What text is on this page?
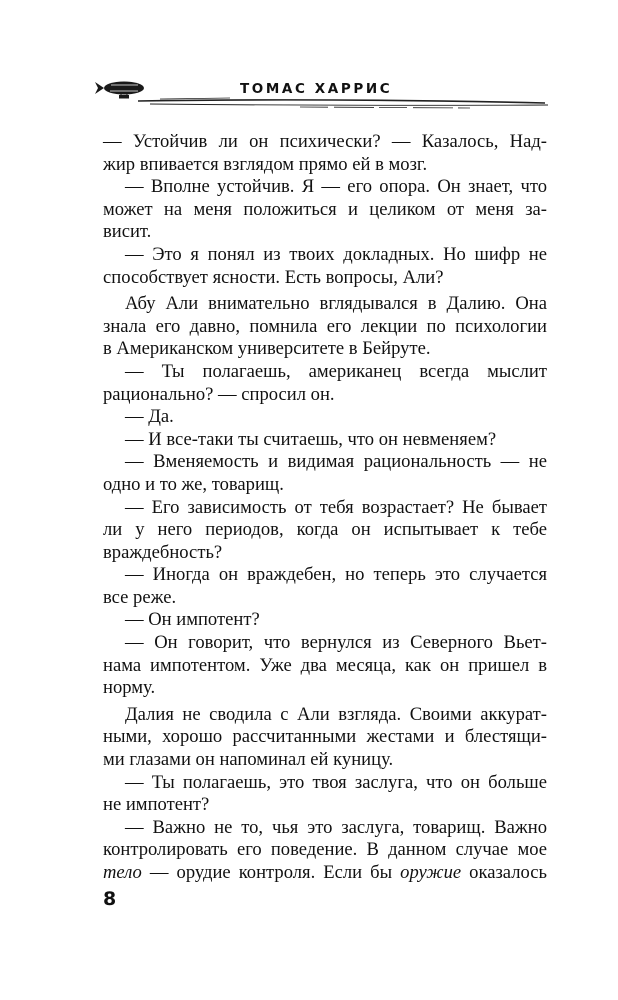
ТОМАС ХАРРИС
— Устойчив ли он психически? — Казалось, Над-
жир впивается взглядом прямо ей в мозг.
— Вполне устойчив. Я — его опора. Он знает, что
может на меня положиться и целиком от меня за-
висит.
— Это я понял из твоих докладных. Но шифр не
способствует ясности. Есть вопросы, Али?
Абу Али внимательно вглядывался в Далию. Она
знала его давно, помнила его лекции по психологии
в Американском университете в Бейруте.
— Ты полагаешь, американец всегда мыслит
рационально? — спросил он.
— Да.
— И все-таки ты считаешь, что он невменяем?
— Вменяемость и видимая рациональность — не
одно и то же, товарищ.
— Его зависимость от тебя возрастает? Не бывает
ли у него периодов, когда он испытывает к тебе
враждебность?
— Иногда он враждебен, но теперь это случается
все реже.
— Он импотент?
— Он говорит, что вернулся из Северного Вьет-
нама импотентом. Уже два месяца, как он пришел в
норму.
Далия не сводила с Али взгляда. Своими аккурат-
ными, хорошо рассчитанными жестами и блестящи-
ми глазами он напоминал ей куницу.
— Ты полагаешь, это твоя заслуга, что он больше
не импотент?
— Важно не то, чья это заслуга, товарищ. Важно
контролировать его поведение. В данном случае мое
тело — орудие контроля. Если бы оружие оказалось
8
